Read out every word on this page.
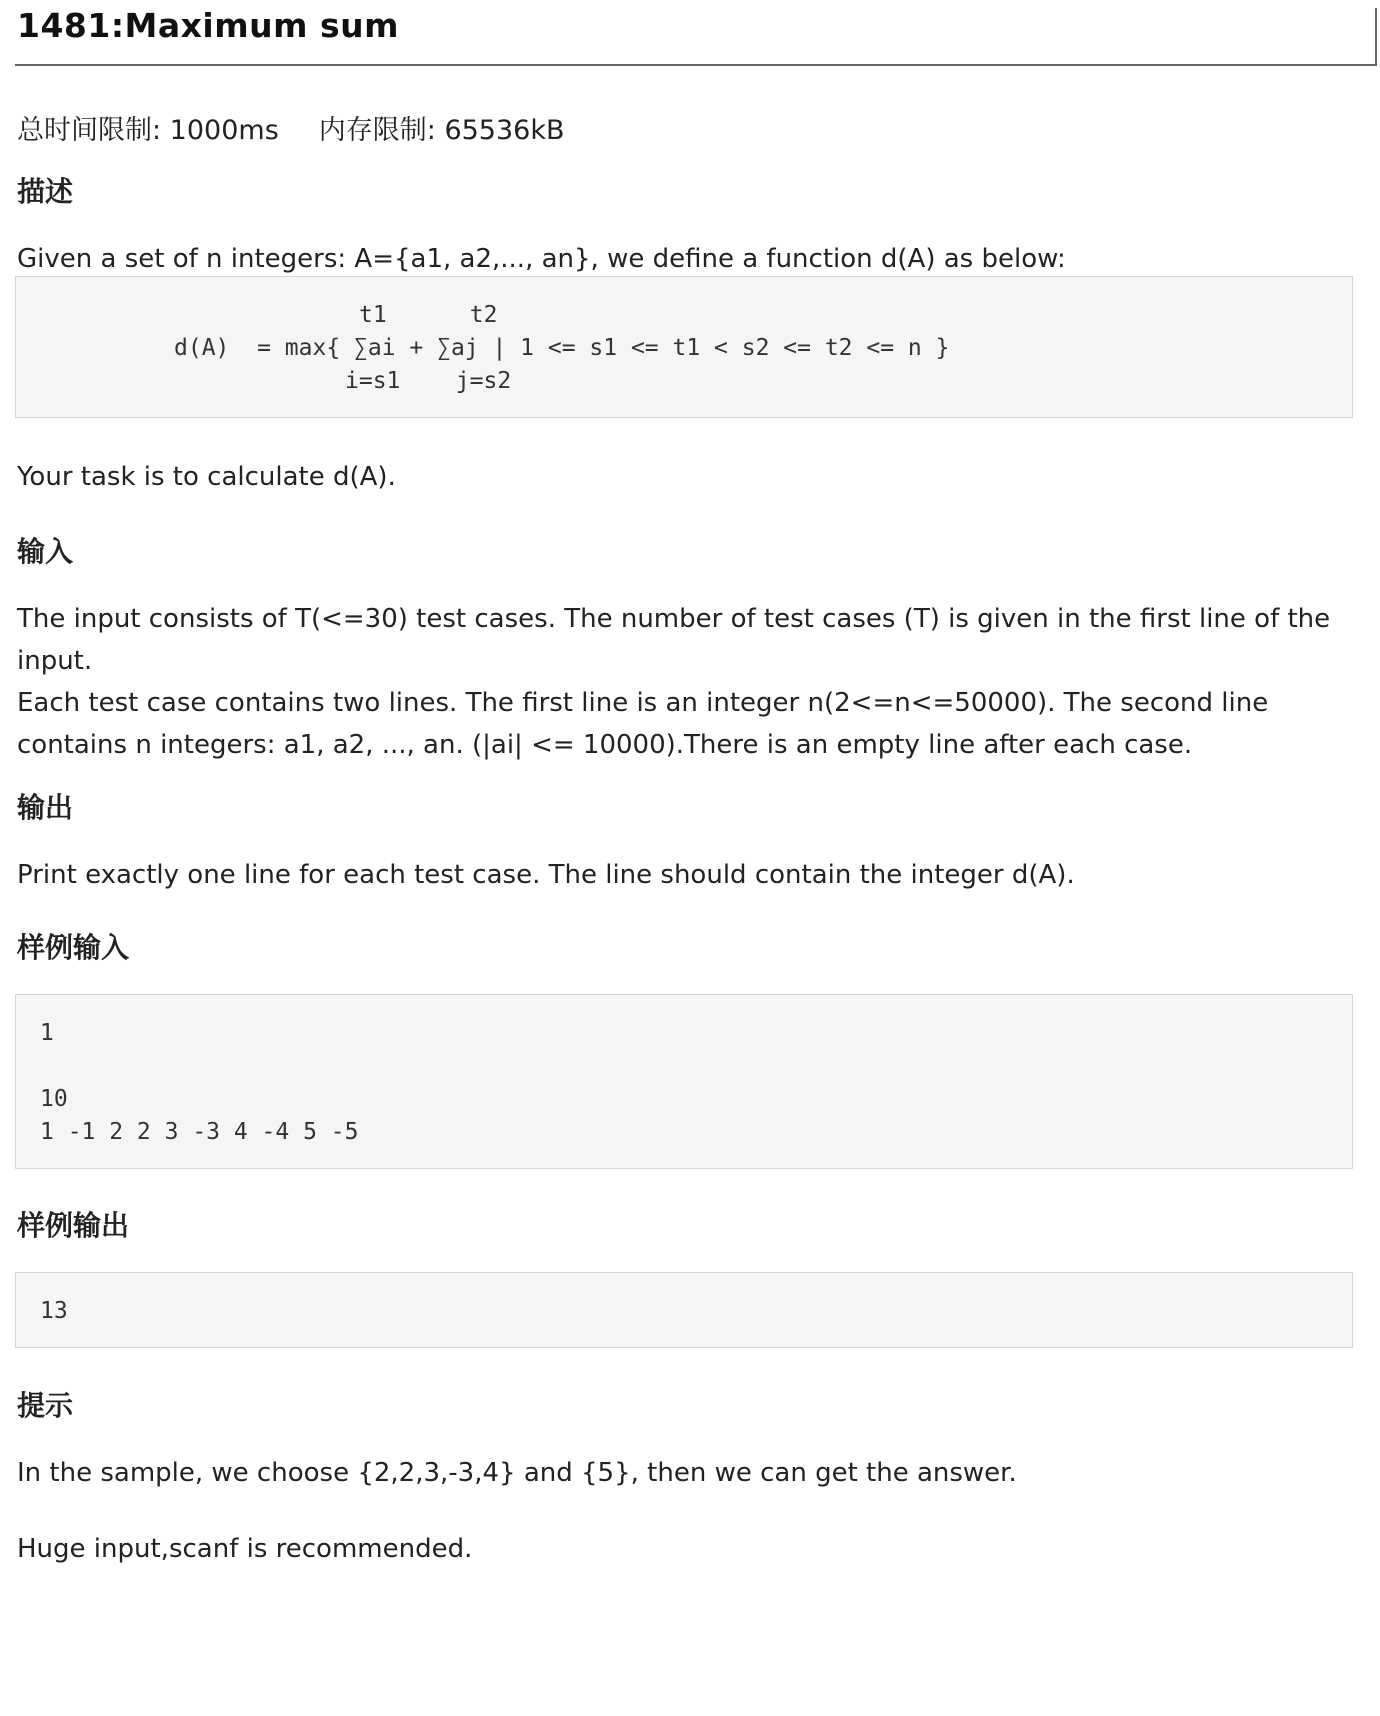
1481:Maximum sum
总时间限制: 1000ms 内存限制: 65536kB
描述
Given a set of n integers: A={a1, a2,..., an}, we define a function d(A) as below:

t1      t2

d(A)  = max{ ∑ai + ∑aj | 1 <= s1 <= t1 < s2 <= t2 <= n }

i=s1    j=s2

Your task is to calculate d(A).
输入

The input consists of T(<=30) test cases. The number of test cases (T) is given in the first line of the input.

Each test case contains two lines. The first line is an integer n(2<=n<=50000). The second line contains n integers: a1, a2, ..., an. (|ai| <= 10000).There is an empty line after each case.

输出
Print exactly one line for each test case. The line should contain the integer d(A).
样例输入

1

10

1 -1 2 2 3 -3 4 -4 5 -5

样例输出

13

提示
In the sample, we choose {2,2,3,-3,4} and {5}, then we can get the answer.
Huge input,scanf is recommended.
